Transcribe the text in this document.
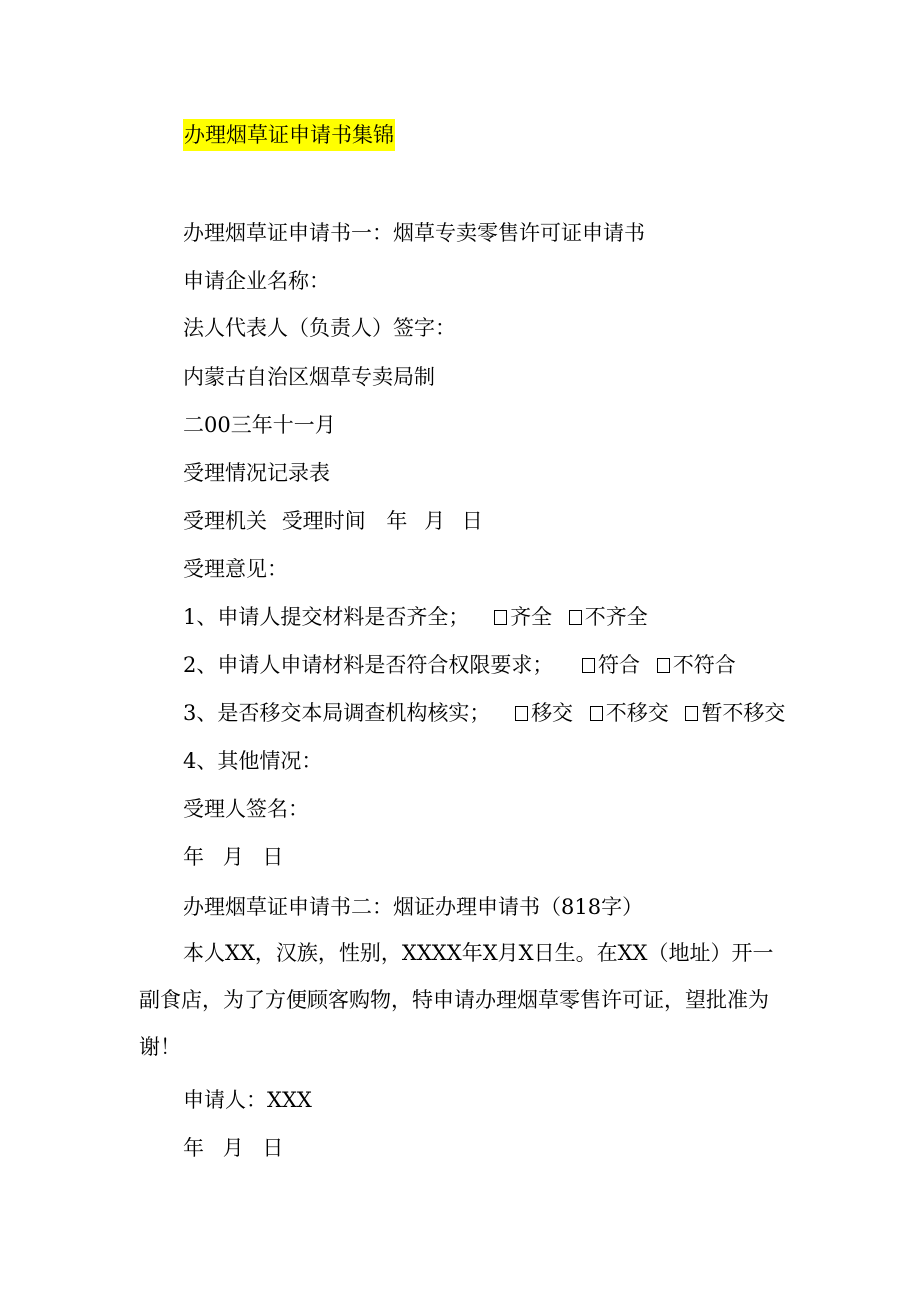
办理烟草证申请书集锦
办理烟草证申请书一：烟草专卖零售许可证申请书
申请企业名称：
法人代表人（负责人）签字：
内蒙古自治区烟草专卖局制
二00三年十一月
受理情况记录表
受理机关 受理时间 年 月 日
受理意见：
1、申请人提交材料是否齐全； 齐全 不齐全
2、申请人申请材料是否符合权限要求； 符合 不符合
3、是否移交本局调查机构核实； 移交 不移交 暂不移交
4、其他情况：
受理人签名：
年 月 日
办理烟草证申请书二：烟证办理申请书（818字）
本人XX，汉族，性别，XXXX年X月X日生。在XX（地址）开一副食店，为了方便顾客购物，特申请办理烟草零售许可证，望批准为谢！
申请人：XXX
年 月 日
